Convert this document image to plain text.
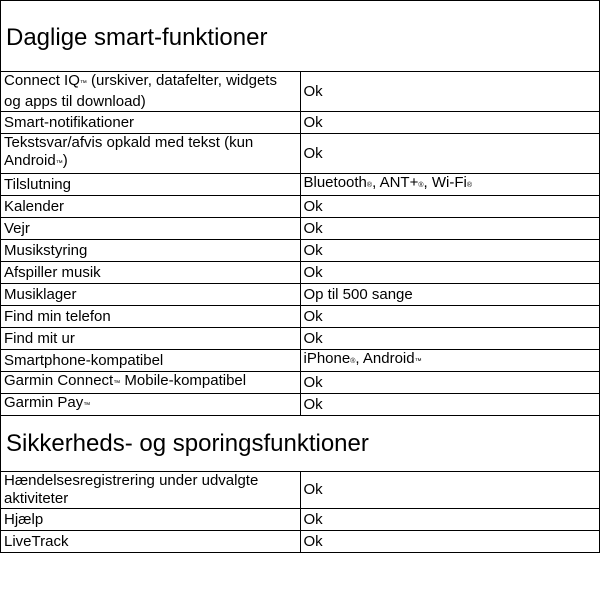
Daglige smart-funktioner	
Connect IQ™ (urskiver, datafelter, widgets og apps til download)	Ok
Smart-notifikationer	Ok
Tekstsvar/afvis opkald med tekst (kun Android™)	Ok
Tilslutning	Bluetooth®, ANT+®, Wi-Fi®
Kalender	Ok
Vejr	Ok
Musikstyring	Ok
Afspiller musik	Ok
Musiklager	Op til 500 sange
Find min telefon	Ok
Find mit ur	Ok
Smartphone-kompatibel	iPhone®, Android™
Garmin Connect™ Mobile-kompatibel	Ok
Garmin Pay™	Ok
Sikkerheds- og sporingsfunktioner	
Hændelsesregistrering under udvalgte aktiviteter	Ok
Hjælp	Ok
LiveTrack	Ok
